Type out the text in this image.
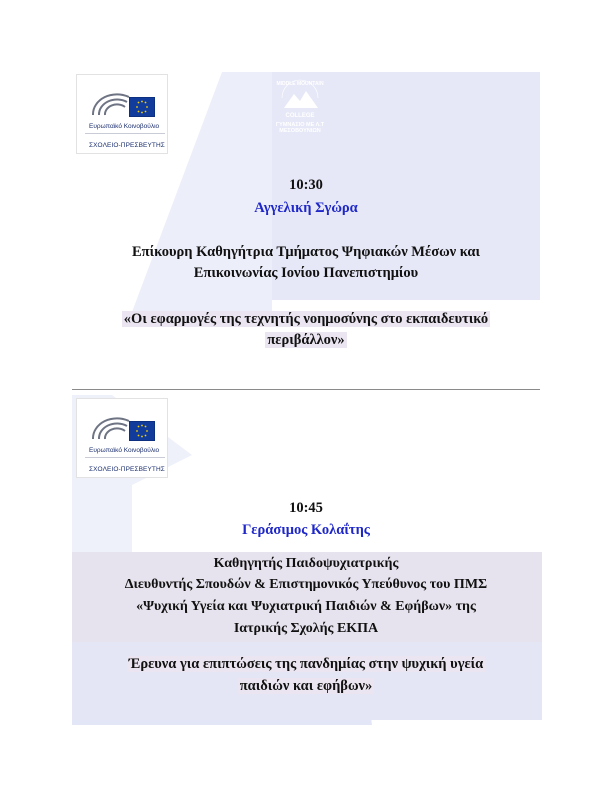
Ευρωπαϊκό Κοινοβούλιο
ΣΧΟΛΕΙΟ-ΠΡΕΣΒΕΥΤΗΣ
MIDDLE MOUNTAIN
COLLEGE
ΓΥΜΝΑΣΙΟ ΜΕ Λ.Τ
ΜΕΣΟΒΟΥΝΙΩΝ
10:30
Αγγελική Σγώρα
Επίκουρη Καθηγήτρια Τμήματος Ψηφιακών Μέσων και
Επικοινωνίας Ιονίου Πανεπιστημίου
«Οι εφαρμογές της τεχνητής νοημοσύνης στο εκπαιδευτικό
περιβάλλον»
Ευρωπαϊκό Κοινοβούλιο
ΣΧΟΛΕΙΟ-ΠΡΕΣΒΕΥΤΗΣ
10:45
Γεράσιμος Κολαΐτης
Καθηγητής Παιδοψυχιατρικής
Διευθυντής Σπουδών & Επιστημονικός Υπεύθυνος του ΠΜΣ
«Ψυχική Υγεία και Ψυχιατρική Παιδιών & Εφήβων» της
Ιατρικής Σχολής ΕΚΠΑ
Έρευνα για επιπτώσεις της πανδημίας στην ψυχική υγεία
παιδιών και εφήβων»
